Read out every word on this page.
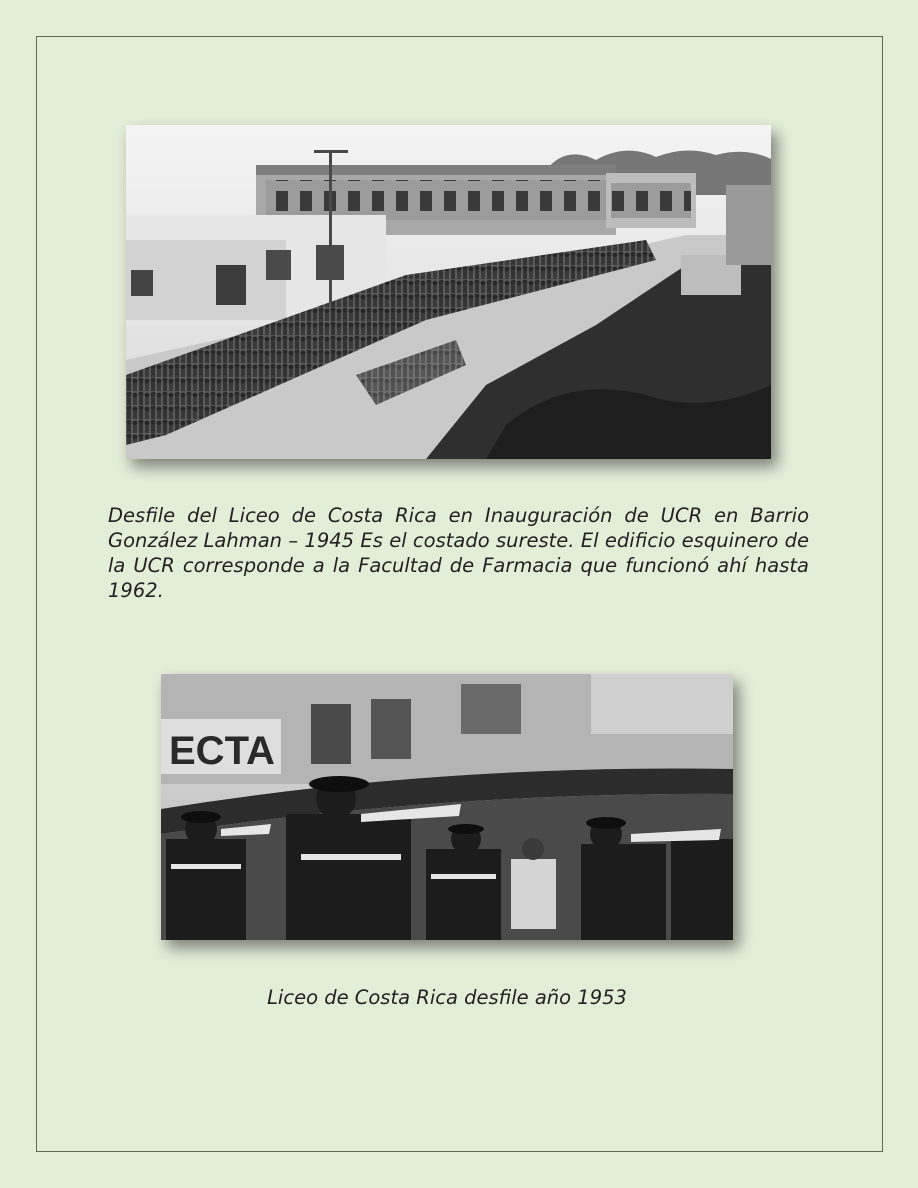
Desfile del Liceo de Costa Rica en Inauguración de UCR en Barrio González Lahman – 1945 Es el costado sureste. El edificio esquinero de la UCR corresponde a la Facultad de Farmacia que funcionó ahí hasta 1962.

ECTA

Liceo de Costa Rica desfile año 1953
